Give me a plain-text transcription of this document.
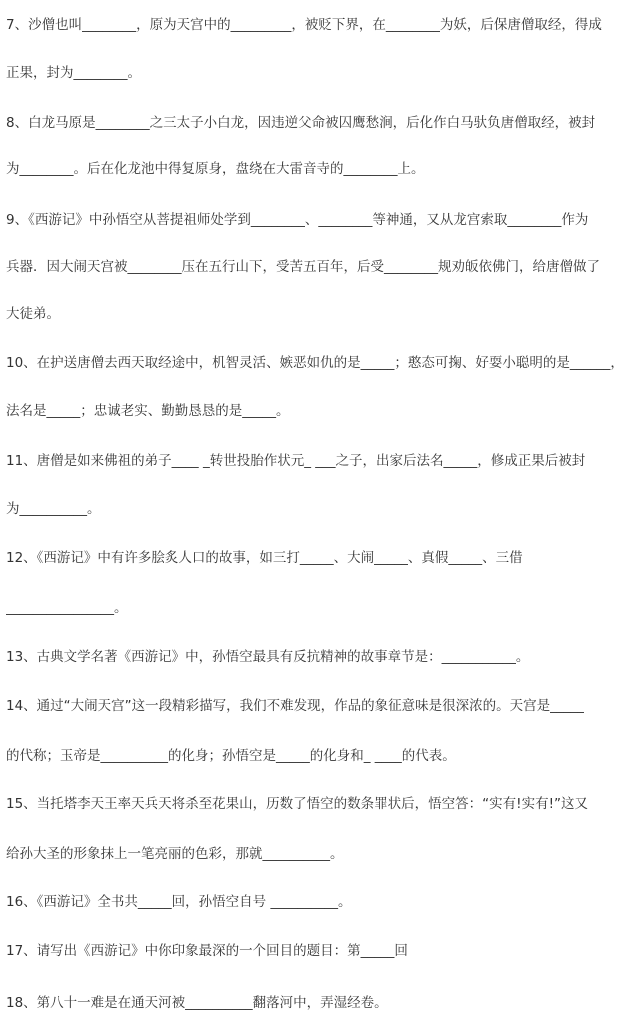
7、沙僧也叫________，原为天宫中的_________，被贬下界，在________为妖，后保唐僧取经，得成
正果，封为________。
8、白龙马原是________之三太子小白龙，因违逆父命被囚鹰愁涧，后化作白马驮负唐僧取经，被封
为________。后在化龙池中得复原身，盘绕在大雷音寺的________上。
9、《西游记》中孙悟空从菩提祖师处学到________、________等神通，又从龙宫索取________作为
兵器．因大闹天宫被________压在五行山下，受苦五百年，后受________规劝皈依佛门，给唐僧做了
大徒弟。
10、在护送唐僧去西天取经途中，机智灵活、嫉恶如仇的是_____；憨态可掬、好耍小聪明的是______，
法名是_____；忠诚老实、勤勤恳恳的是_____。
11、唐僧是如来佛祖的弟子____ _转世投胎作状元_ ___之子，出家后法名_____，修成正果后被封
为__________。
12、《西游记》中有许多脍炙人口的故事，如三打_____、大闹_____、真假_____、三借
________________。
13、古典文学名著《西游记》中，孙悟空最具有反抗精神的故事章节是：___________。
14、通过“大闹天宫”这一段精彩描写，我们不难发现，作品的象征意味是很深浓的。天宫是_____
的代称；玉帝是__________的化身；孙悟空是_____的化身和_ ____的代表。
15、当托塔李天王率天兵天将杀至花果山，历数了悟空的数条罪状后，悟空答：“实有!实有!”这又
给孙大圣的形象抹上一笔亮丽的色彩，那就__________。
16、《西游记》全书共_____回，孙悟空自号 __________。
17、请写出《西游记》中你印象最深的一个回目的题目：第_____回
18、第八十一难是在通天河被__________翻落河中，弄湿经卷。
